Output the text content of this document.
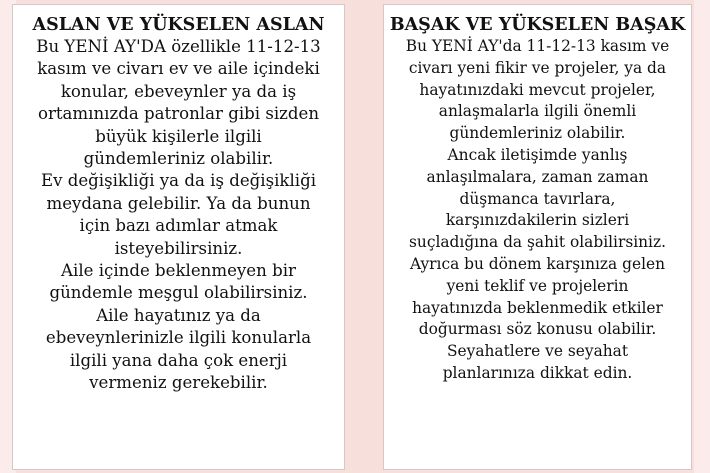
ASLAN VE YÜKSELEN ASLAN
Bu YENİ AY'DA özellikle 11-12-13
kasım ve civarı ev ve aile içindeki
konular, ebeveynler ya da iş
ortamınızda patronlar gibi sizden
büyük kişilerle ilgili
gündemleriniz olabilir.
Ev değişikliği ya da iş değişikliği
meydana gelebilir. Ya da bunun
için bazı adımlar atmak
isteyebilirsiniz.
Aile içinde beklenmeyen bir
gündemle meşgul olabilirsiniz.
Aile hayatınız ya da
ebeveynlerinizle ilgili konularla
ilgili yana daha çok enerji
vermeniz gerekebilir.
BAŞAK VE YÜKSELEN BAŞAK
Bu YENİ AY'da 11-12-13 kasım ve
civarı yeni fikir ve projeler, ya da
hayatınızdaki mevcut projeler,
anlaşmalarla ilgili önemli
gündemleriniz olabilir.
Ancak iletişimde yanlış
anlaşılmalara, zaman zaman
düşmanca tavırlara,
karşınızdakilerin sizleri
suçladığına da şahit olabilirsiniz.
Ayrıca bu dönem karşınıza gelen
yeni teklif ve projelerin
hayatınızda beklenmedik etkiler
doğurması söz konusu olabilir.
Seyahatlere ve seyahat
planlarınıza dikkat edin.
